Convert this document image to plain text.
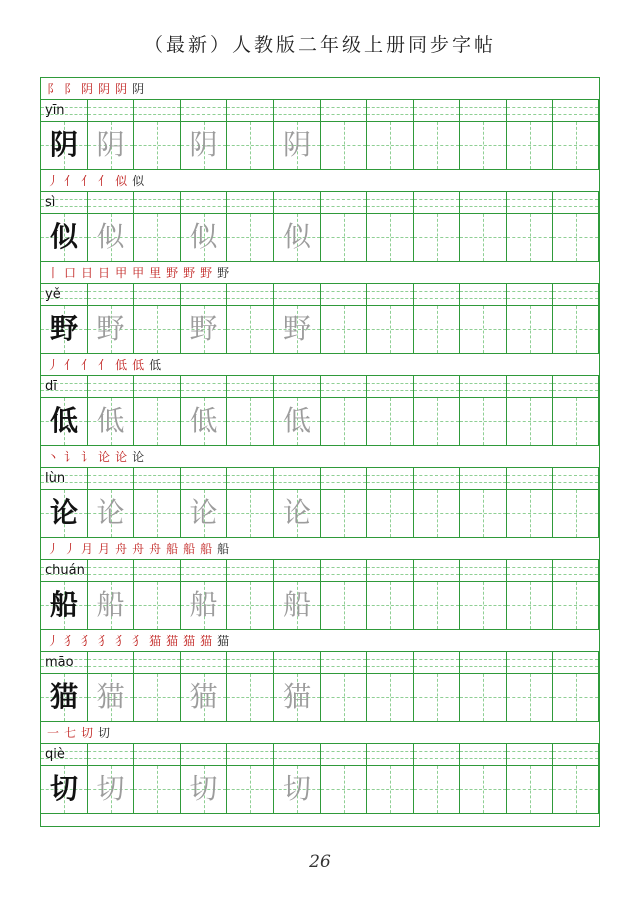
（最新）人教版二年级上册同步字帖
阝 阝 阴 阴 阴 阴
yīn
阴 阴	阴	阴
丿 亻 亻 亻 似 似
sì
似 似	似	似
丨 口 日 日 甲 甲 里 野 野 野 野
yě
野 野	野	野
丿 亻 亻 亻 低 低 低
dī
低 低	低	低
丶 讠 讠 论 论 论
lùn
论 论	论	论
丿 丿 月 月 舟 舟 舟 船 船 船 船
chuán
船 船	船	船
丿 犭 犭 犭 犭 犭 猫 猫 猫 猫 猫
māo
猫 猫	猫	猫
一 七 切 切
qiè
切 切	切	切
26
